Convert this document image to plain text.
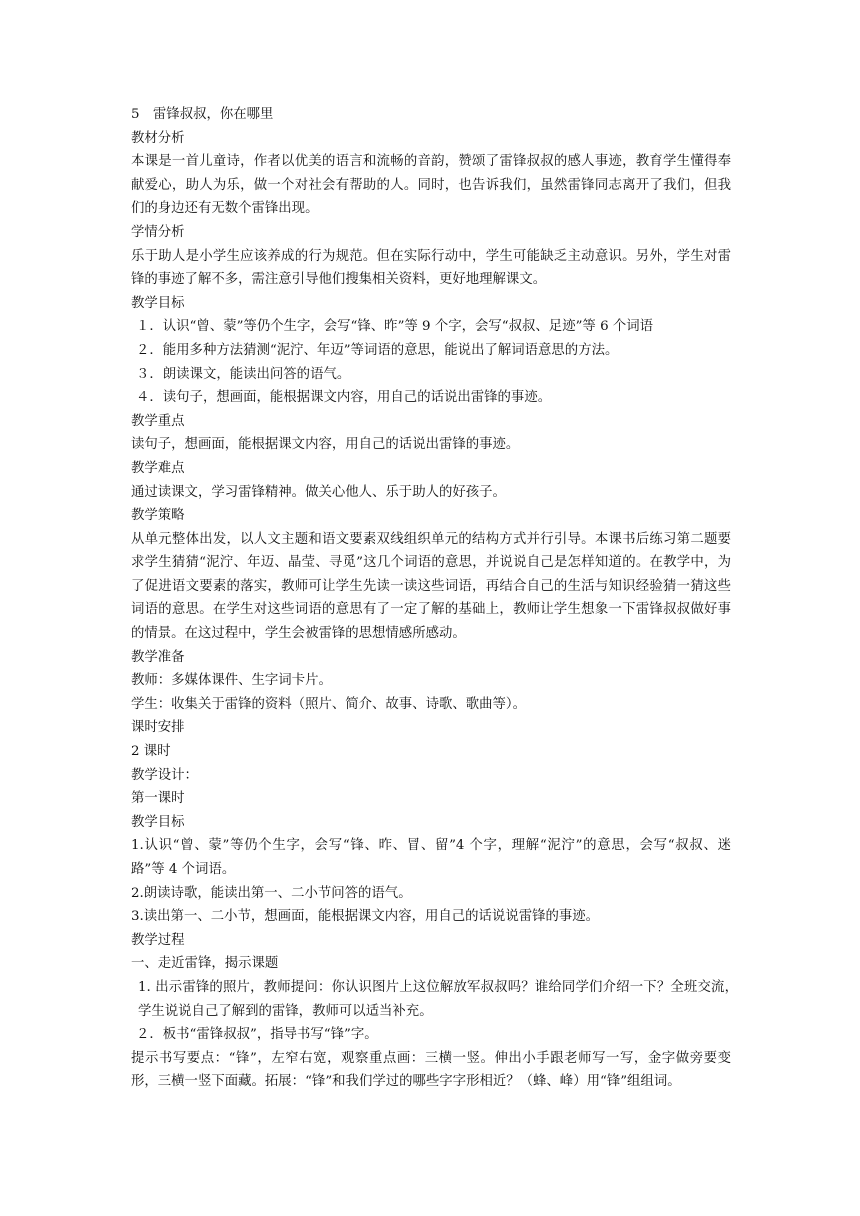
5　雷锋叔叔，你在哪里
教材分析

本课是一首儿童诗，作者以优美的语言和流畅的音韵，赞颂了雷锋叔叔的感人事迹，教育学生懂得奉献爱心，助人为乐，做一个对社会有帮助的人。同时，也告诉我们，虽然雷锋同志离开了我们，但我们的身边还有无数个雷锋出现。

学情分析

乐于助人是小学生应该养成的行为规范。但在实际行动中，学生可能缺乏主动意识。另外，学生对雷锋的事迹了解不多，需注意引导他们搜集相关资料，更好地理解课文。

教学目标

１．认识“曾、蒙”等仍个生字，会写“锋、昨”等 9 个字，会写“叔叔、足迹”等 6 个词语

２．能用多种方法猜测“泥泞、年迈”等词语的意思，能说出了解词语意思的方法。
３．朗读课文，能读出问答的语气。
４．读句子，想画面，能根据课文内容，用自己的话说出雷锋的事迹。
教学重点
读句子，想画面，能根据课文内容，用自己的话说出雷锋的事迹。
教学难点
通过读课文，学习雷锋精神。做关心他人、乐于助人的好孩子。
教学策略

从单元整体出发，以人文主题和语文要素双线组织单元的结构方式并行引导。本课书后练习第二题要求学生猜猜“泥泞、年迈、晶莹、寻觅”这几个词语的意思，并说说自己是怎样知道的。在教学中，为了促进语文要素的落实，教师可让学生先读一读这些词语，再结合自己的生活与知识经验猜一猜这些词语的意思。在学生对这些词语的意思有了一定了解的基础上，教师让学生想象一下雷锋叔叔做好事的情景。在这过程中，学生会被雷锋的思想情感所感动。

教学准备
教师：多媒体课件、生字词卡片。
学生：收集关于雷锋的资料（照片、简介、故事、诗歌、歌曲等）。
课时安排
2 课时
教学设计：
第一课时
教学目标

1.认识“曾、蒙”等仍个生字，会写“锋、昨、冒、留”4 个字，理解“泥泞”的意思，会写“叔叔、迷路”等 4 个词语。

2.朗读诗歌，能读出第一、二小节问答的语气。
3.读出第一、二小节，想画面，能根据课文内容，用自己的话说说雷锋的事迹。
教学过程
一、走近雷锋，揭示课题

1. 出示雷锋的照片，教师提问：你认识图片上这位解放军叔叔吗？谁给同学们介绍一下？全班交流，学生说说自己了解到的雷锋，教师可以适当补充。

２．板书“雷锋叔叔”，指导书写“锋”字。

提示书写要点：“锋”，左窄右宽，观察重点画：三横一竖。伸出小手跟老师写一写，金字做旁要变形，三横一竖下面藏。拓展：“锋”和我们学过的哪些字字形相近？（蜂、峰）用“锋”组组词。
